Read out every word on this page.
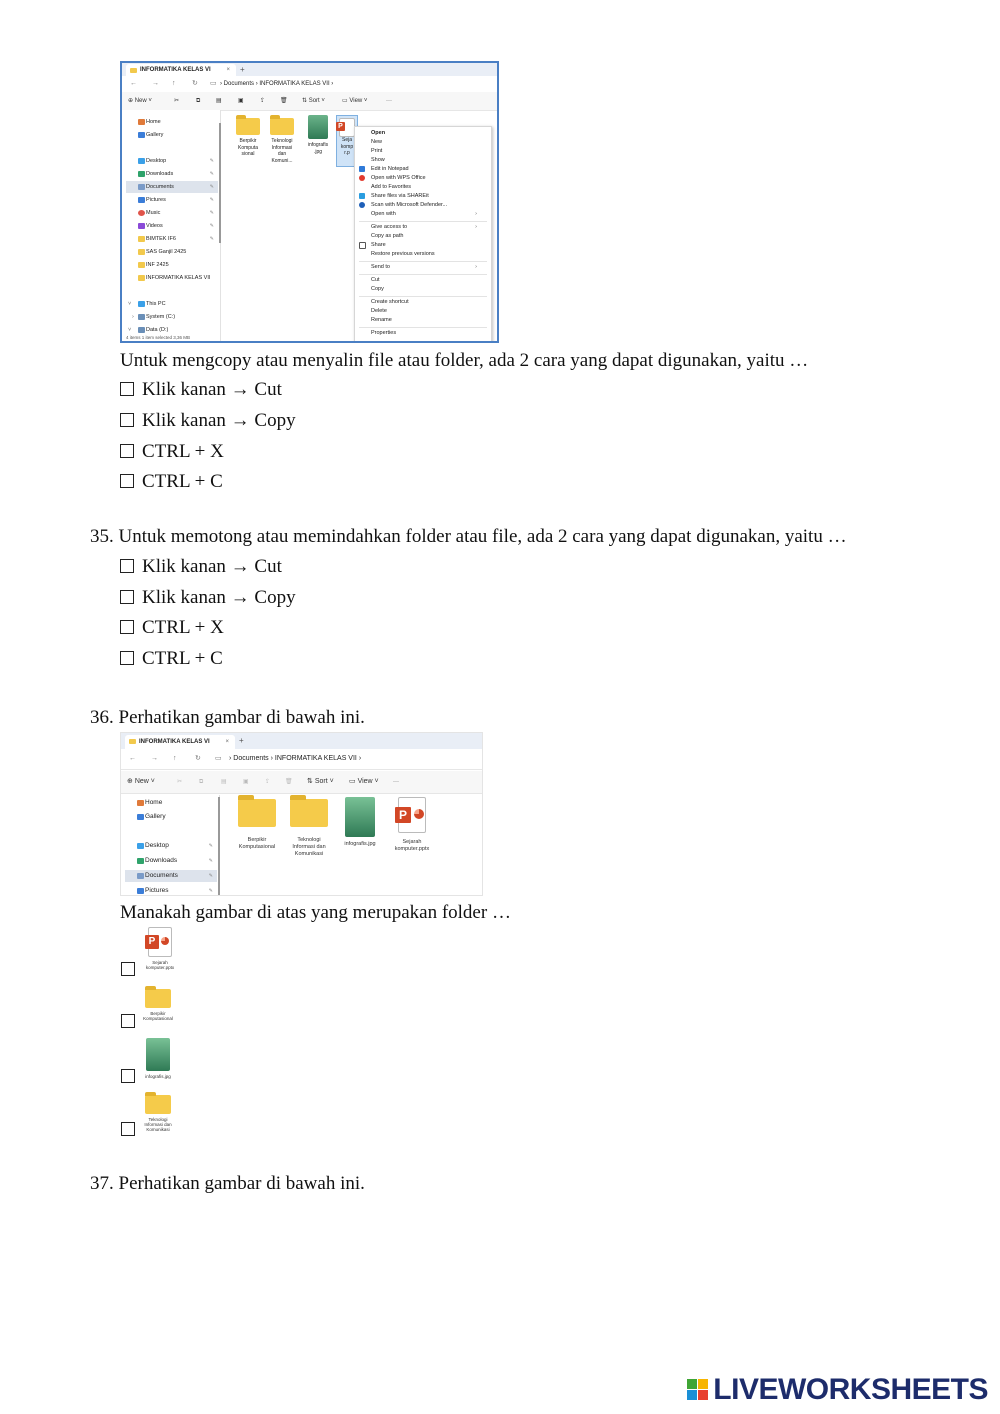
INFORMATIKA KELAS VI	× +
← → ↑ ↻ ▭ › Documents › INFORMATIKA KELAS VII ›
⊕ New ˅	✂	⧉	▤	▣	⇪ 🗑 ⇅ Sort ˅	▭ View ˅	···
Home
Gallery
Desktop	✎
Downloads	✎
Documents	✎
Pictures	✎
Music	✎
Videos	✎
BIMTEK IF6	✎
SAS Ganjil 2425
INF 2425
INFORMATIKA KELAS VII
˅	This PC
› System (C:)
˅	Data (D:)
4 items 1 item selected 3,36 MB
Berpikir
Komputa
sional
Teknologi
Informasi
dan
Komuni...
infografis
.jpg
P
Seja
komp
r.p
Open
New
Print
Show
Edit in Notepad
Open with WPS Office
Add to Favorites
Share files via SHAREit
Scan with Microsoft Defender...
Open with	›
Give access to	›
Copy as path
Share
Restore previous versions
Send to	›
Cut
Copy
Create shortcut
Delete
Rename
Properties
Untuk mengcopy atau menyalin file atau folder, ada 2 cara yang dapat digunakan, yaitu …
Klik kanan → Cut
Klik kanan → Copy
CTRL + X
CTRL + C
35. Untuk memotong atau memindahkan folder atau file, ada 2 cara yang dapat digunakan, yaitu …
Klik kanan → Cut
Klik kanan → Copy
CTRL + X
CTRL + C
36. Perhatikan gambar di bawah ini.
INFORMATIKA KELAS VI	× +
← → ↑	↻ ▭ › Documents › INFORMATIKA KELAS VII ›
⊕ New ˅	✂	⧉	▤	▣	⇪ 🗑 ⇅ Sort ˅ ▭ View ˅ ···
Home
Gallery
Desktop	✎
Downloads	✎
Documents	✎
Pictures	✎
Berpikir
Komputasional
Teknologi
Informasi dan
Komunikasi
infografis.jpg
P
Sejarah
komputer.pptx
Manakah gambar di atas yang merupakan folder …
P
Sejarah
komputer.pptx
Berpikir
Komputasional
infografis.jpg
Teknologi
Informasi dan
Komunikasi
37. Perhatikan gambar di bawah ini.
LIVEWORKSHEETS
